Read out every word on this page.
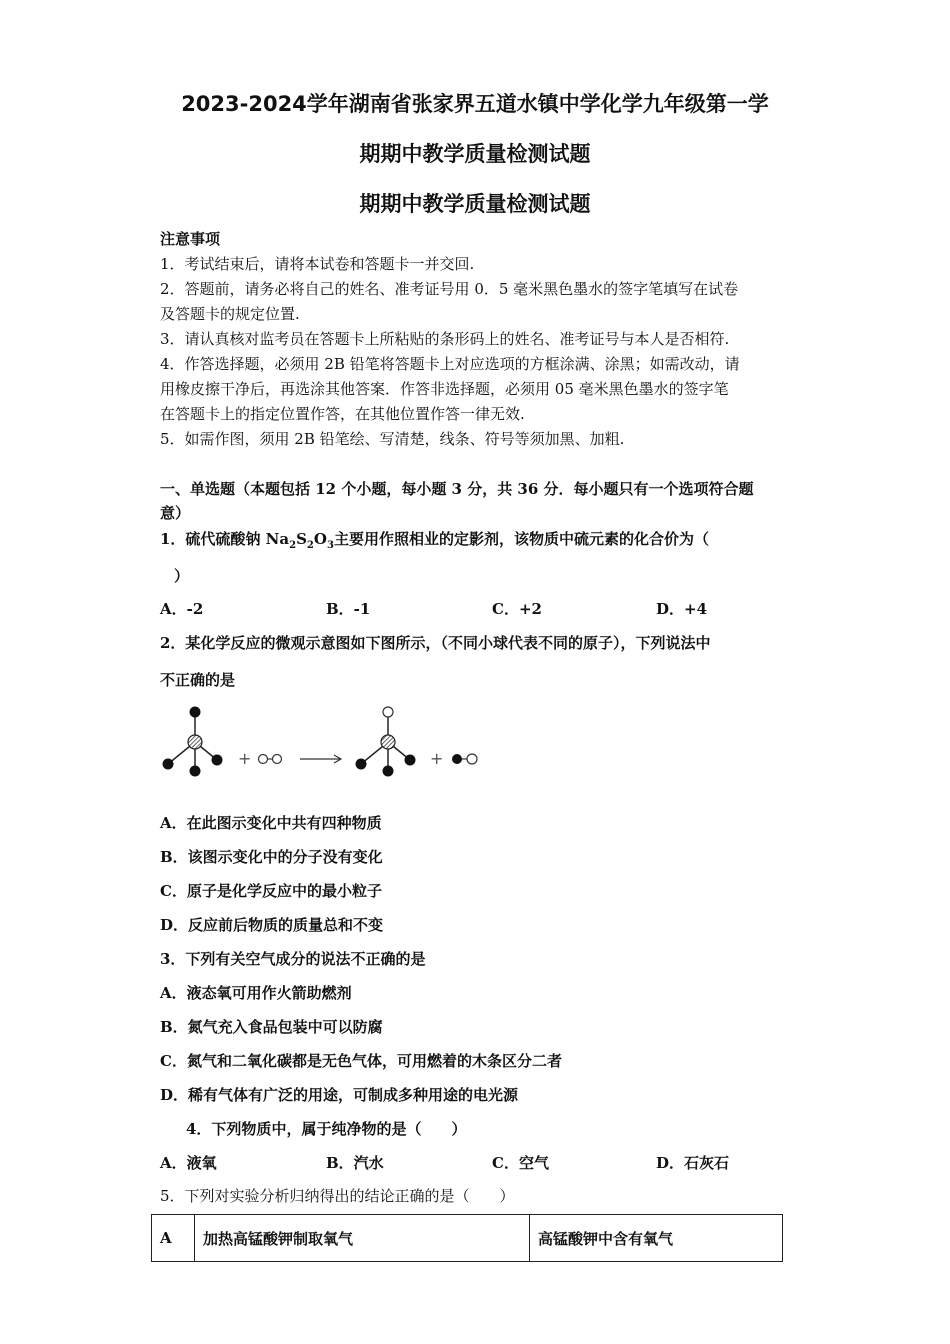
2023-2024学年湖南省张家界五道水镇中学化学九年级第一学
期期中教学质量检测试题
期期中教学质量检测试题
注意事项
1．考试结束后，请将本试卷和答题卡一并交回.
2．答题前，请务必将自己的姓名、准考证号用 0．5 毫米黑色墨水的签字笔填写在试卷
及答题卡的规定位置.
3．请认真核对监考员在答题卡上所粘贴的条形码上的姓名、准考证号与本人是否相符.
4．作答选择题，必须用 2B 铅笔将答题卡上对应选项的方框涂满、涂黑；如需改动，请
用橡皮擦干净后，再选涂其他答案．作答非选择题，必须用 05 毫米黑色墨水的签字笔
在答题卡上的指定位置作答，在其他位置作答一律无效.
5．如需作图，须用 2B 铅笔绘、写清楚，线条、符号等须加黑、加粗.
一、单选题（本题包括 12 个小题，每小题 3 分，共 36 分．每小题只有一个选项符合题
意）
1．硫代硫酸钠 $Na_2S_2O_3$主要用作照相业的定影剂，该物质中硫元素的化合价为（
）
A．-2	B．-1	C．+2	D．+4
2．某化学反应的微观示意图如下图所示，（不同小球代表不同的原子），下列说法中
不正确的是
+	+
A．在此图示变化中共有四种物质
B．该图示变化中的分子没有变化
C．原子是化学反应中的最小粒子
D．反应前后物质的质量总和不变
3．下列有关空气成分的说法不正确的是
A．液态氧可用作火箭助燃剂
B．氮气充入食品包装中可以防腐
C．氮气和二氧化碳都是无色气体，可用燃着的木条区分二者
D．稀有气体有广泛的用途，可制成多种用途的电光源
4．下列物质中，属于纯净物的是（　　）
A．液氧	B．汽水	C．空气	D．石灰石
5．下列对实验分析归纳得出的结论正确的是（　　）
A	加热高锰酸钾制取氧气	高锰酸钾中含有氧气
